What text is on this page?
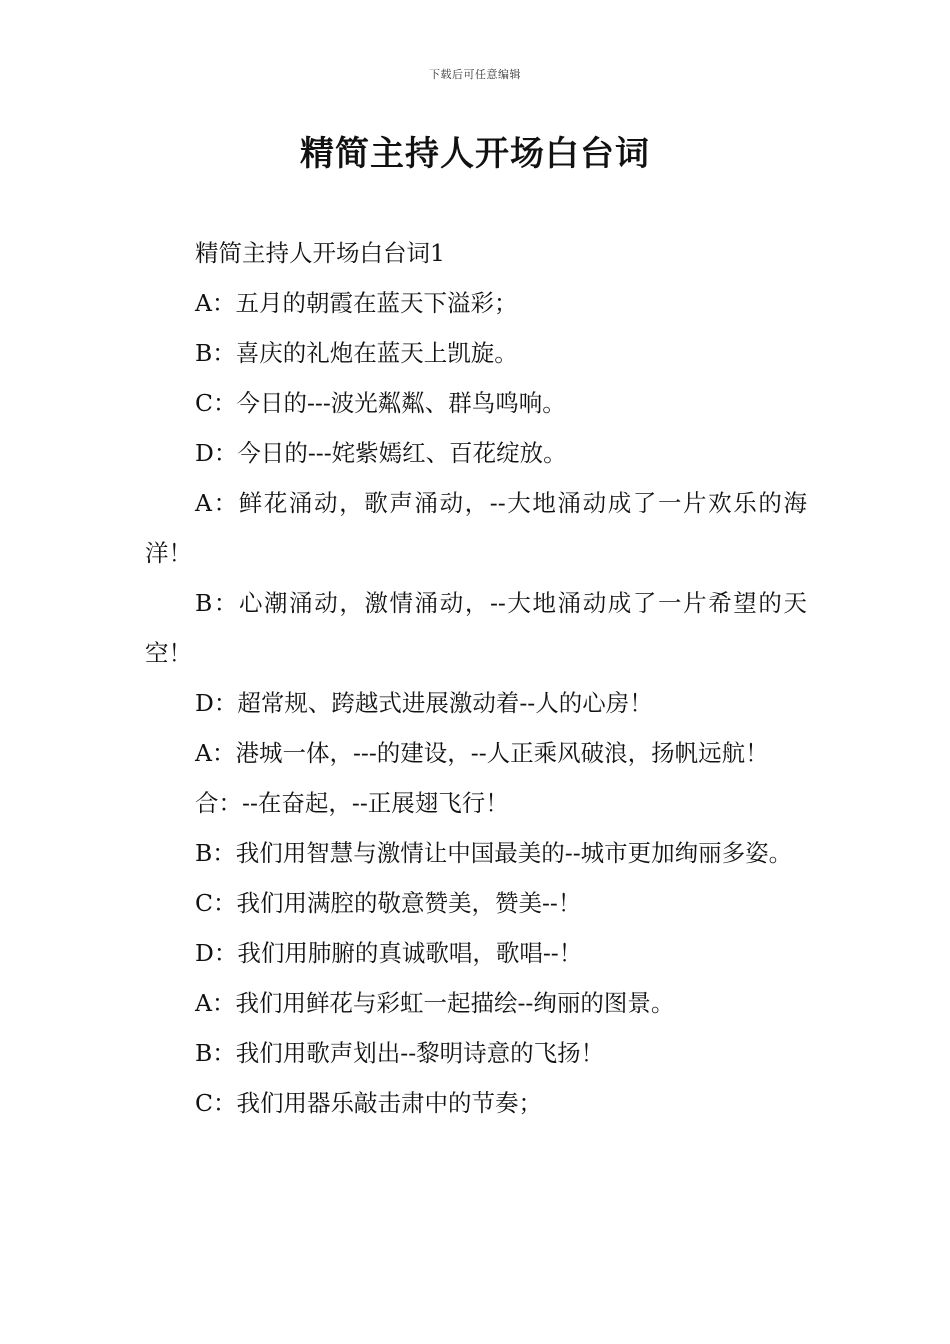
下载后可任意编辑
精简主持人开场白台词

精简主持人开场白台词1

A：五月的朝霞在蓝天下溢彩；

B：喜庆的礼炮在蓝天上凯旋。

C：今日的---波光粼粼、群鸟鸣响。

D：今日的---姹紫嫣红、百花绽放。

A：鲜花涌动，歌声涌动，--大地涌动成了一片欢乐的海洋！

B：心潮涌动，激情涌动，--大地涌动成了一片希望的天空！

D：超常规、跨越式进展激动着--人的心房！

A：港城一体，---的建设，--人正乘风破浪，扬帆远航！

合：--在奋起，--正展翅飞行！

B：我们用智慧与激情让中国最美的--城市更加绚丽多姿。

C：我们用满腔的敬意赞美，赞美--！

D：我们用肺腑的真诚歌唱，歌唱--！

A：我们用鲜花与彩虹一起描绘--绚丽的图景。

B：我们用歌声划出--黎明诗意的飞扬！

C：我们用器乐敲击肃中的节奏；
